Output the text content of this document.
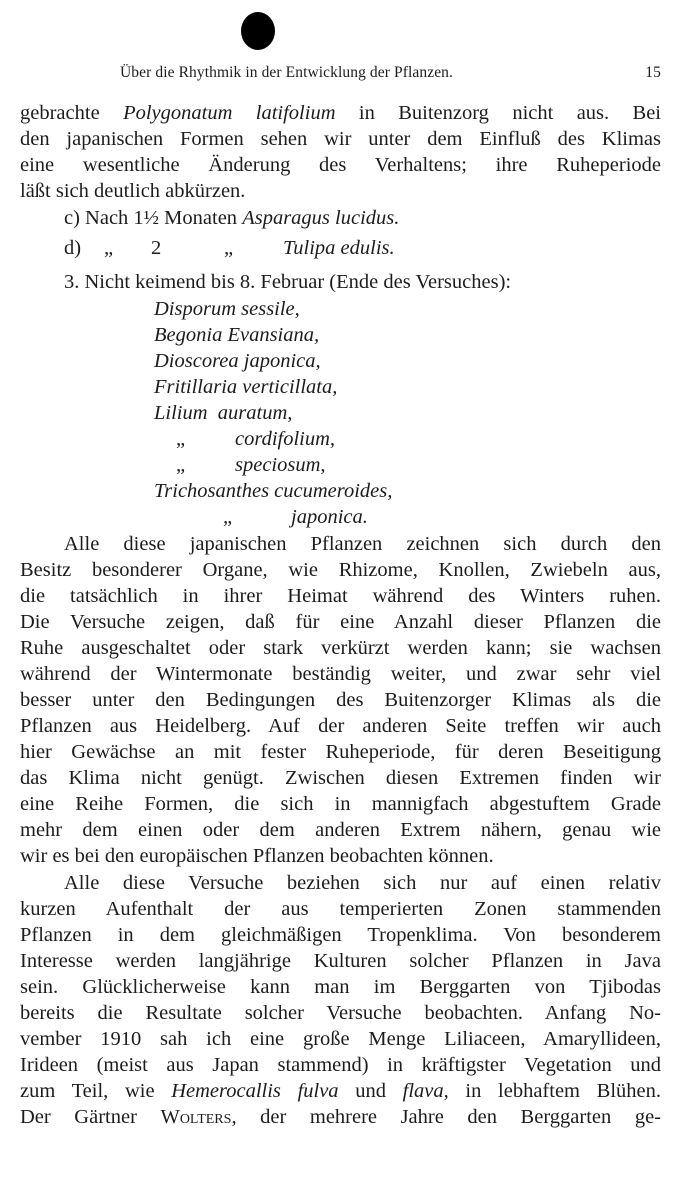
Über die Rhythmik in der Entwicklung der Pflanzen.	15
gebrachte Polygonatum latifolium in Buitenzorg nicht aus. Bei
den japanischen Formen sehen wir unter dem Einfluß des Klimas
eine wesentliche Änderung des Verhaltens; ihre Ruheperiode
läßt sich deutlich abkürzen.
c) Nach 1½ Monaten Asparagus lucidus.
d) „ 2	„ Tulipa edulis.
3. Nicht keimend bis 8. Februar (Ende des Versuches):
Disporum sessile,
Begonia Evansiana,
Dioscorea japonica,
Fritillaria verticillata,
Lilium  auratum,
„ cordifolium,
„ speciosum,
Trichosanthes cucumeroides,
„	japonica.
Alle diese japanischen Pflanzen zeichnen sich durch den
Besitz besonderer Organe, wie Rhizome, Knollen, Zwiebeln aus,
die tatsächlich in ihrer Heimat während des Winters ruhen.
Die Versuche zeigen, daß für eine Anzahl dieser Pflanzen die
Ruhe ausgeschaltet oder stark verkürzt werden kann; sie wachsen
während der Wintermonate beständig weiter, und zwar sehr viel
besser unter den Bedingungen des Buitenzorger Klimas als die
Pflanzen aus Heidelberg. Auf der anderen Seite treffen wir auch
hier Gewächse an mit fester Ruheperiode, für deren Beseitigung
das Klima nicht genügt. Zwischen diesen Extremen finden wir
eine Reihe Formen, die sich in mannigfach abgestuftem Grade
mehr dem einen oder dem anderen Extrem nähern, genau wie
wir es bei den europäischen Pflanzen beobachten können.
Alle diese Versuche beziehen sich nur auf einen relativ
kurzen Aufenthalt der aus temperierten Zonen stammenden
Pflanzen in dem gleichmäßigen Tropenklima. Von besonderem
Interesse werden langjährige Kulturen solcher Pflanzen in Java
sein. Glücklicherweise kann man im Berggarten von Tjibodas
bereits die Resultate solcher Versuche beobachten. Anfang No-
vember 1910 sah ich eine große Menge Liliaceen, Amaryllideen,
Irideen (meist aus Japan stammend) in kräftigster Vegetation und
zum Teil, wie Hemerocallis fulva und flava, in lebhaftem Blühen.
Der Gärtner Wolters, der mehrere Jahre den Berggarten ge-
